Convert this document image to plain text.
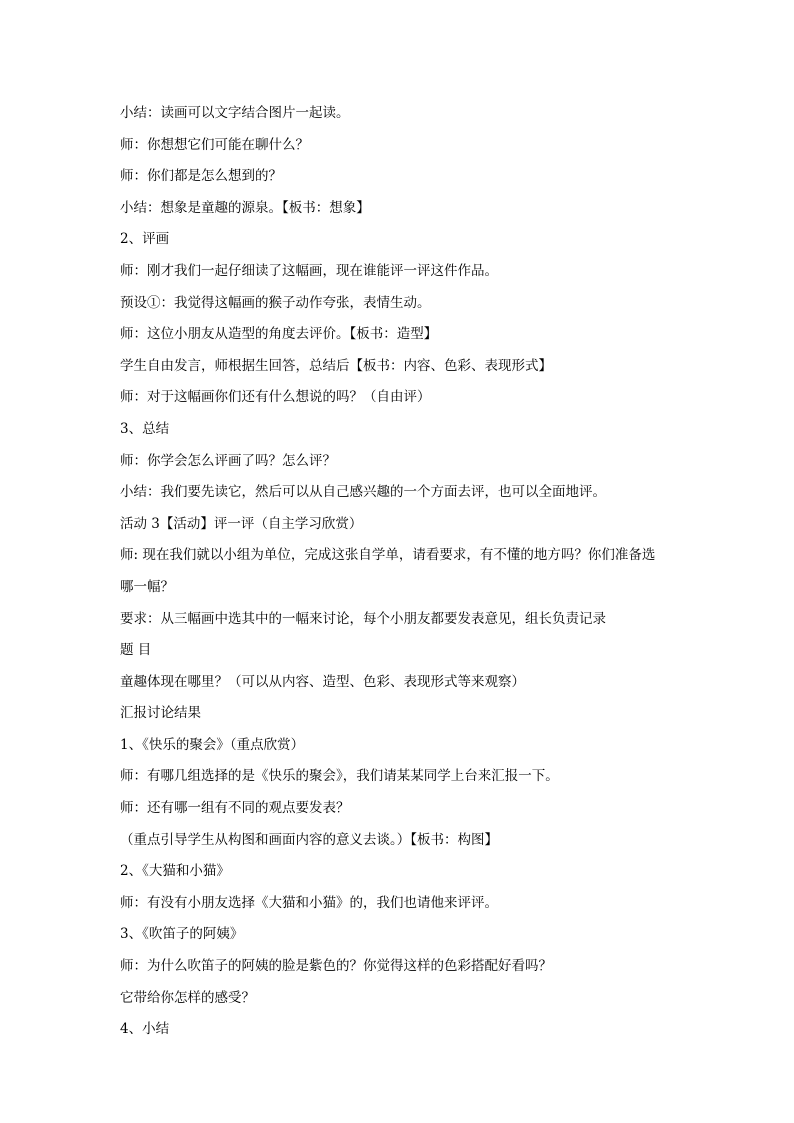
小结：读画可以文字结合图片一起读。
师：你想想它们可能在聊什么？
师：你们都是怎么想到的？
小结：想象是童趣的源泉。【板书：想象】
2、评画
师：刚才我们一起仔细读了这幅画，现在谁能评一评这件作品。
预设①：我觉得这幅画的猴子动作夸张，表情生动。
师：这位小朋友从造型的角度去评价。【板书：造型】
学生自由发言，师根据生回答，总结后【板书：内容、色彩、表现形式】
师：对于这幅画你们还有什么想说的吗？（自由评）
3、总结
师：你学会怎么评画了吗？怎么评？
小结：我们要先读它，然后可以从自己感兴趣的一个方面去评，也可以全面地评。
活动 3【活动】评一评（自主学习欣赏）
师: 现在我们就以小组为单位，完成这张自学单，请看要求，有不懂的地方吗？你们准备选
哪一幅？
要求：从三幅画中选其中的一幅来讨论，每个小朋友都要发表意见，组长负责记录
题 目
童趣体现在哪里？（可以从内容、造型、色彩、表现形式等来观察）
汇报讨论结果
1、《快乐的聚会》（重点欣赏）
师：有哪几组选择的是《快乐的聚会》，我们请某某同学上台来汇报一下。
师：还有哪一组有不同的观点要发表？
（重点引导学生从构图和画面内容的意义去谈。）【板书：构图】
2、《大猫和小猫》
师：有没有小朋友选择《大猫和小猫》的，我们也请他来评评。
3、《吹笛子的阿姨》
师：为什么吹笛子的阿姨的脸是紫色的？你觉得这样的色彩搭配好看吗？
它带给你怎样的感受？
4、小结
